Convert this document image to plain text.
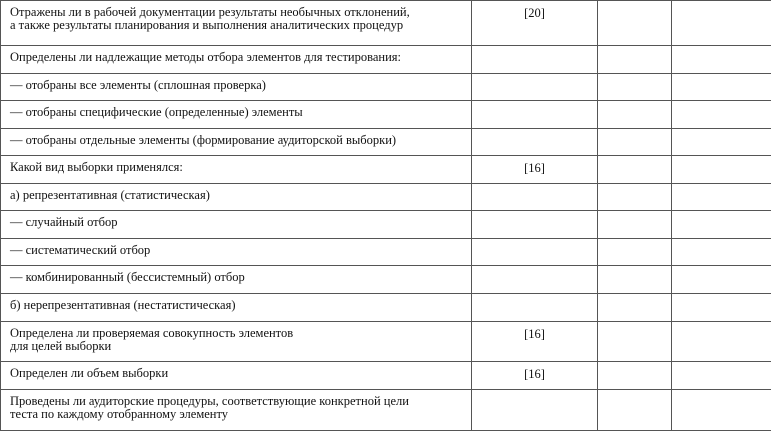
Отражены ли в рабочей документации результаты необычных отклонений,
а также результаты планирования и выполнения аналитических процедур	[20]		
Определены ли надлежащие методы отбора элементов для тестирования:			
— отобраны все элементы (сплошная проверка)			
— отобраны специфические (определенные) элементы			
— отобраны отдельные элементы (формирование аудиторской выборки)			
Какой вид выборки применялся:	[16]		
а) репрезентативная (статистическая)			
— случайный отбор			
— систематический отбор			
— комбинированный (бессистемный) отбор			
б) нерепрезентативная (нестатистическая)			
Определена ли проверяемая совокупность элементов
для целей выборки	[16]		
Определен ли объем выборки	[16]		
Проведены ли аудиторские процедуры, соответствующие конкретной цели
теста по каждому отобранному элементу			
